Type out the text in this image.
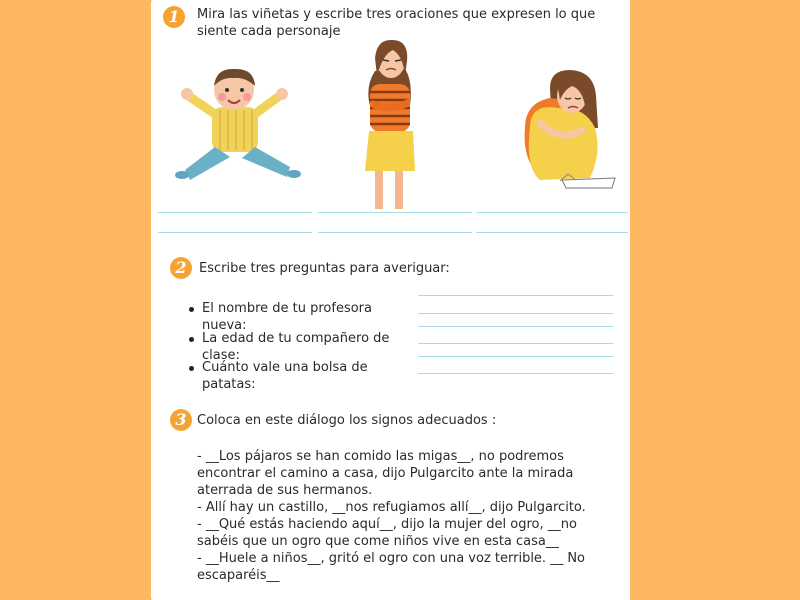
1	Mira las viñetas y escribe tres oraciones que expresen lo que siente cada personaje
2 Escribe tres preguntas para averiguar:
El nombre de tu profesora nueva:
La edad de tu compañero de clase:
Cuánto vale una bolsa de patatas:
3 Coloca en este diálogo los signos adecuados :

- __Los pájaros se han comido las migas__, no podremos encontrar el camino a casa, dijo Pulgarcito ante la mirada aterrada de sus hermanos.

- Allí hay un castillo, __nos refugiamos allí__, dijo Pulgarcito.

- __Qué estás haciendo aquí__, dijo la mujer del ogro, __no sabéis que un ogro que come niños vive en esta casa__

- __Huele a niños__, gritó el ogro con una voz terrible. __ No escaparéis__
